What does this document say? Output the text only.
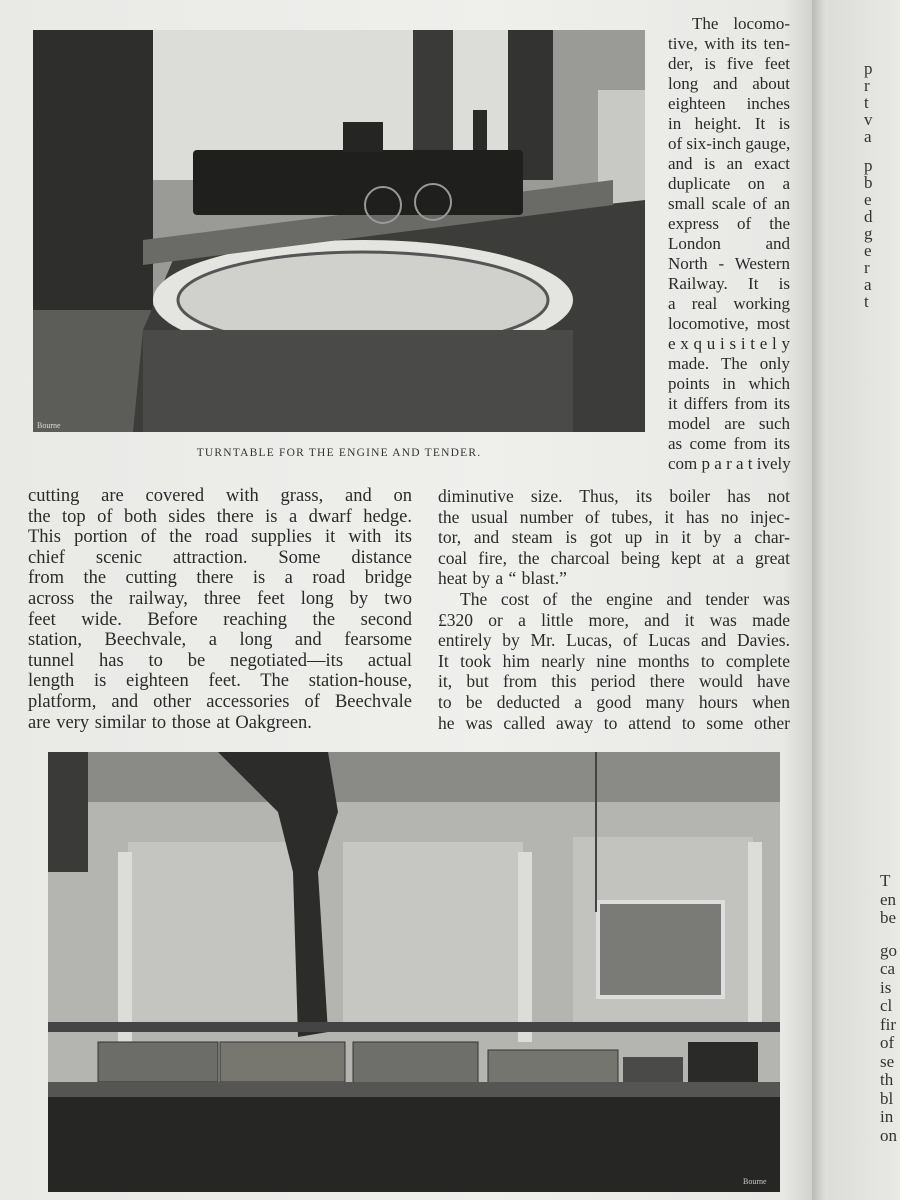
Bourne
TURNTABLE FOR THE ENGINE AND TENDER.
The locomo-
tive, with its ten-
der, is five feet
long and about
eighteen inches
in height. It is
of six-inch gauge,
and is an exact
duplicate on a
small scale of an
express of the
London and
North - Western
Railway. It is
a real working
locomotive, most
e x q u i s i t e l y
made. The only
points in which
it differs from its
model are such
as come from its
com p a r a t ively
cutting are covered with grass, and on
the top of both sides there is a dwarf hedge.
This portion of the road supplies it with its
chief scenic attraction. Some distance
from the cutting there is a road bridge
across the railway, three feet long by two
feet wide. Before reaching the second
station, Beechvale, a long and fearsome
tunnel has to be negotiated—its actual
length is eighteen feet. The station-house,
platform, and other accessories of Beechvale
are very similar to those at Oakgreen.
diminutive size. Thus, its boiler has not
the usual number of tubes, it has no injec-
tor, and steam is got up in it by a char-
coal fire, the charcoal being kept at a great
heat by a “ blast.”
The cost of the engine and tender was
£320 or a little more, and it was made
entirely by Mr. Lucas, of Lucas and Davies.
It took him nearly nine months to complete
it, but from this period there would have
to be deducted a good many hours when
he was called away to attend to some other
Bourne
p
r
t
v
a
p
b
e
d
g
e
r
a
t
T
en
be
go
ca
is
cl
fir
of
se
th
bl
in
on
